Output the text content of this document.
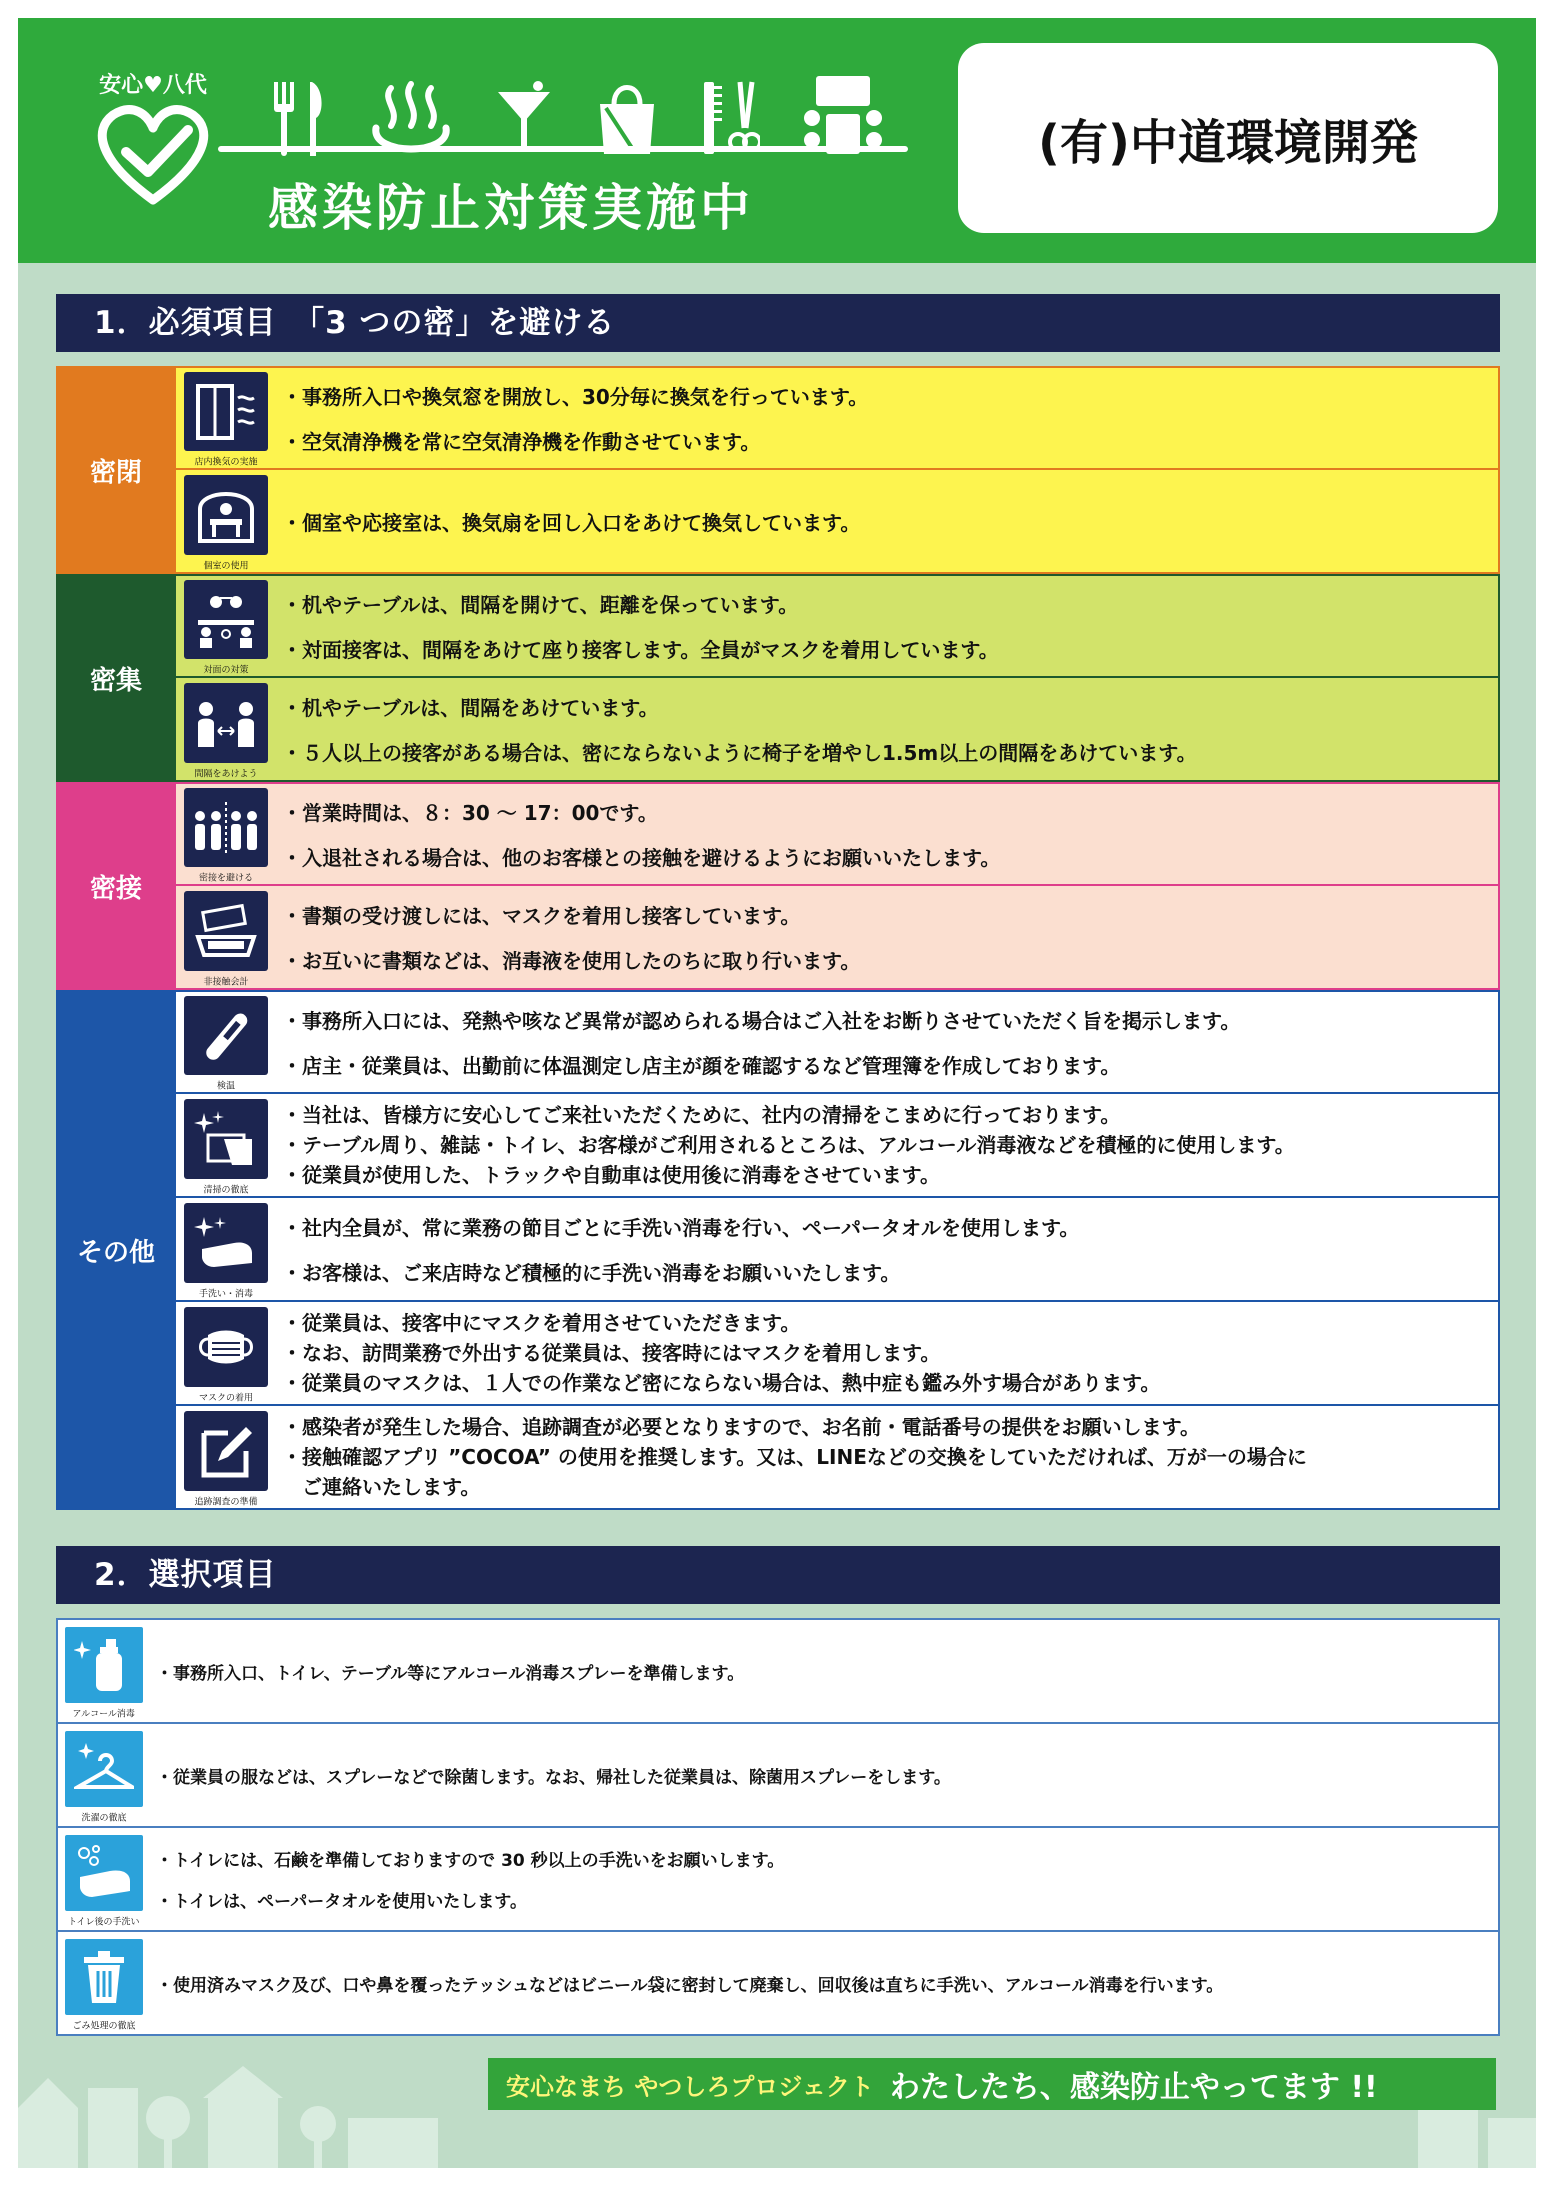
安心♥八代
感染防止対策実施中
(有)中道環境開発
1．必須項目　「3 つの密」を避ける
密閉	店内換気の実施
・事務所入口や換気窓を開放し、30分毎に換気を行っています。
・空気清浄機を常に空気清浄機を作動させています。
個室の使用
・個室や応接室は、換気扇を回し入口をあけて換気しています。
密集	対面の対策
・机やテーブルは、間隔を開けて、距離を保っています。
・対面接客は、間隔をあけて座り接客します。全員がマスクを着用しています。
間隔をあけよう
・机やテーブルは、間隔をあけています。
・５人以上の接客がある場合は、密にならないように椅子を増やし1.5m以上の間隔をあけています。
密接	密接を避ける
・営業時間は、８：30 ～ 17：00です。
・入退社される場合は、他のお客様との接触を避けるようにお願いいたします。
非接触会計
・書類の受け渡しには、マスクを着用し接客しています。
・お互いに書類などは、消毒液を使用したのちに取り行います。
その他
検温
・事務所入口には、発熱や咳など異常が認められる場合はご入社をお断りさせていただく旨を掲示します。
・店主・従業員は、出勤前に体温測定し店主が顔を確認するなど管理簿を作成しております。
清掃の徹底
・当社は、皆様方に安心してご来社いただくために、社内の清掃をこまめに行っております。
・テーブル周り、雑誌・トイレ、お客様がご利用されるところは、アルコール消毒液などを積極的に使用します。
・従業員が使用した、トラックや自動車は使用後に消毒をさせています。
手洗い・消毒
・社内全員が、常に業務の節目ごとに手洗い消毒を行い、ペーパータオルを使用します。
・お客様は、ご来店時など積極的に手洗い消毒をお願いいたします。
マスクの着用
・従業員は、接客中にマスクを着用させていただきます。
・なお、訪問業務で外出する従業員は、接客時にはマスクを着用します。
・従業員のマスクは、１人での作業など密にならない場合は、熱中症も鑑み外す場合があります。
追跡調査の準備
・感染者が発生した場合、追跡調査が必要となりますので、お名前・電話番号の提供をお願いします。
・接触確認アプリ ”COCOA” の使用を推奨します。又は、LINEなどの交換をしていただければ、万が一の場合に
　ご連絡いたします。
2．選択項目
アルコール消毒
・事務所入口、トイレ、テーブル等にアルコール消毒スプレーを準備します。
洗濯の徹底
・従業員の服などは、スプレーなどで除菌します。なお、帰社した従業員は、除菌用スプレーをします。
トイレ後の手洗い
・トイレには、石鹸を準備しておりますので 30 秒以上の手洗いをお願いします。
・トイレは、ペーパータオルを使用いたします。
ごみ処理の徹底
・使用済みマスク及び、口や鼻を覆ったテッシュなどはビニール袋に密封して廃棄し、回収後は直ちに手洗い、アルコール消毒を行います。
安心なまち やつしろプロジェクト わたしたち、感染防止やってます !!
